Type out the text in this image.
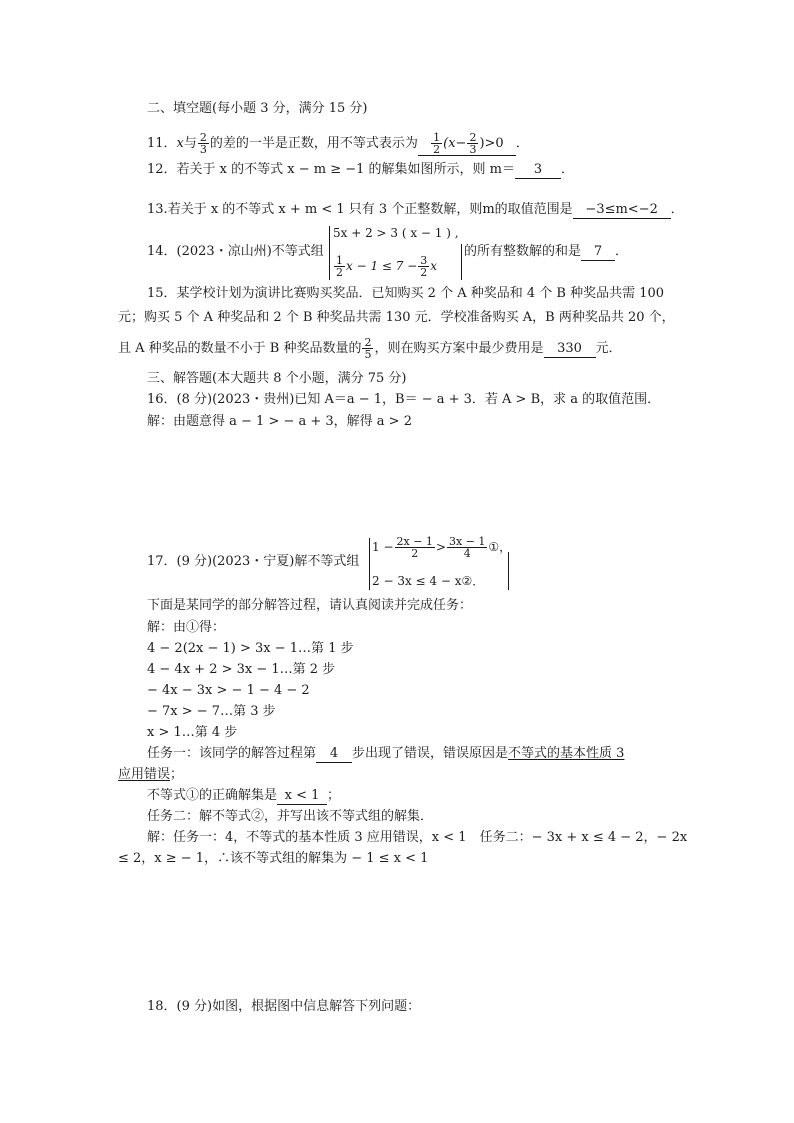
二、填空题(每小题 3 分，满分 15 分)
11．x与 $\frac{2}{3}$ 的差的一半是正数，用不等式表示为 $\frac{1}{2} (x- \frac{2}{3} )>0$ ．
12．若关于 x 的不等式 x − m ≥ −1 的解集如图所示，则 m＝ 3 ．
13.若关于 x 的不等式 x + m < 1 只有 3 个正整数解，则m的取值范围是 −3≤m<−2 ．
14．(2023・凉山州)不等式组
5x + 2 > 3 ( x − 1 ) ,
$\frac{1}{2}$ $x - 1 \le 7 - \frac{3}{2}$ x
的所有整数解的和是 7 ．
15．某学校计划为演讲比赛购买奖品．已知购买 2 个 A 种奖品和 4 个 B 种奖品共需 100
元；购买 5 个 A 种奖品和 2 个 B 种奖品共需 130 元．学校准备购买 A，B 两种奖品共 20 个，
且 A 种奖品的数量不小于 B 种奖品数量的 $\frac{2}{5}$ ，则在购买方案中最少费用是 330 元．
三、解答题(本大题共 8 个小题，满分 75 分)
16．(8 分)(2023・贵州)已知 A＝a − 1，B＝ − a + 3．若 A > B，求 a 的取值范围．
解：由题意得 a − 1 > − a + 3，解得 a > 2
17．(9 分)(2023・宁夏)解不等式组
$1 - \frac{2x - 1}{2} > \frac{3x - 1}{4}$ ①，
2 − 3x ≤ 4 − x②．
下面是某同学的部分解答过程，请认真阅读并完成任务：
解：由①得：
4 − 2(2x − 1) > 3x − 1…第 1 步
4 − 4x + 2 > 3x − 1…第 2 步
− 4x − 3x > − 1 − 4 − 2
− 7x > − 7…第 3 步
x > 1…第 4 步
任务一：该同学的解答过程第 4 步出现了错误，错误原因是不等式的基本性质 3
应用错误；
不等式①的正确解集是 x < 1 ；
任务二：解不等式②，并写出该不等式组的解集．
解：任务一：4，不等式的基本性质 3 应用错误，x < 1　任务二：− 3x + x ≤ 4 − 2，− 2x
≤ 2，x ≥ − 1，∴该不等式组的解集为 − 1 ≤ x < 1
18．(9 分)如图，根据图中信息解答下列问题：
